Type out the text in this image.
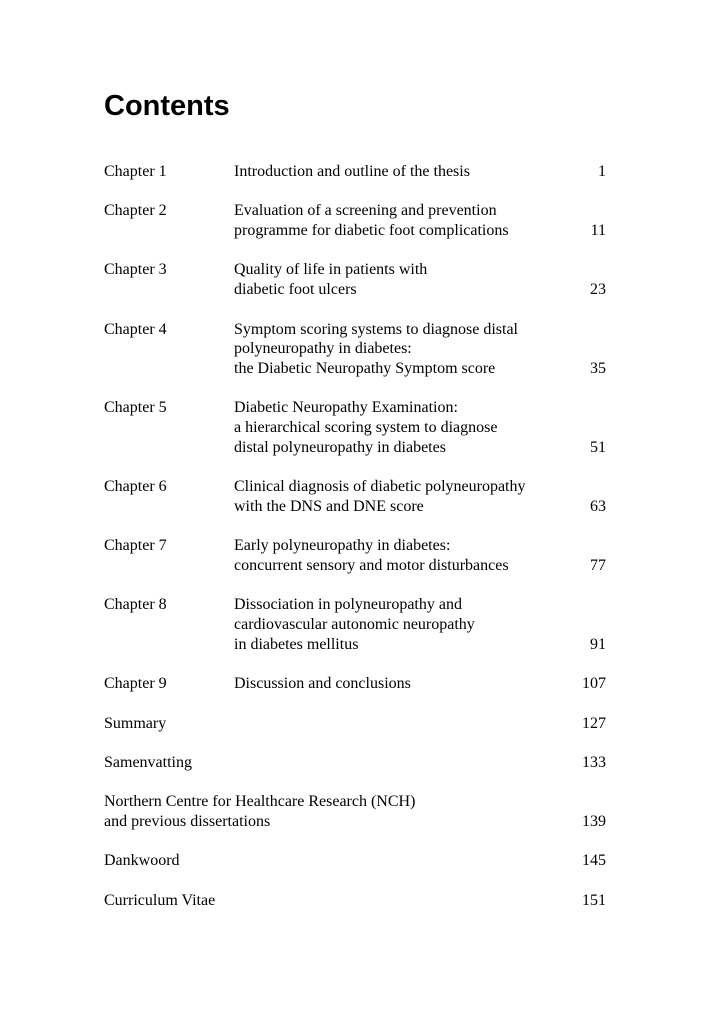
Contents
Chapter 1	Introduction and outline of the thesis	1
Chapter 2	Evaluation of a screening and prevention
programme for diabetic foot complications	11
Chapter 3	Quality of life in patients with
diabetic foot ulcers	23
Chapter 4	Symptom scoring systems to diagnose distal
polyneuropathy in diabetes:
the Diabetic Neuropathy Symptom score	35
Chapter 5	Diabetic Neuropathy Examination:
a hierarchical scoring system to diagnose
distal polyneuropathy in diabetes	51
Chapter 6	Clinical diagnosis of diabetic polyneuropathy
with the DNS and DNE score	63
Chapter 7	Early polyneuropathy in diabetes:
concurrent sensory and motor disturbances	77
Chapter 8	Dissociation in polyneuropathy and
cardiovascular autonomic neuropathy
in diabetes mellitus	91
Chapter 9	Discussion and conclusions	107
Summary	127
Samenvatting	133
Northern Centre for Healthcare Research (NCH)
and previous dissertations	139
Dankwoord	145
Curriculum Vitae	151
